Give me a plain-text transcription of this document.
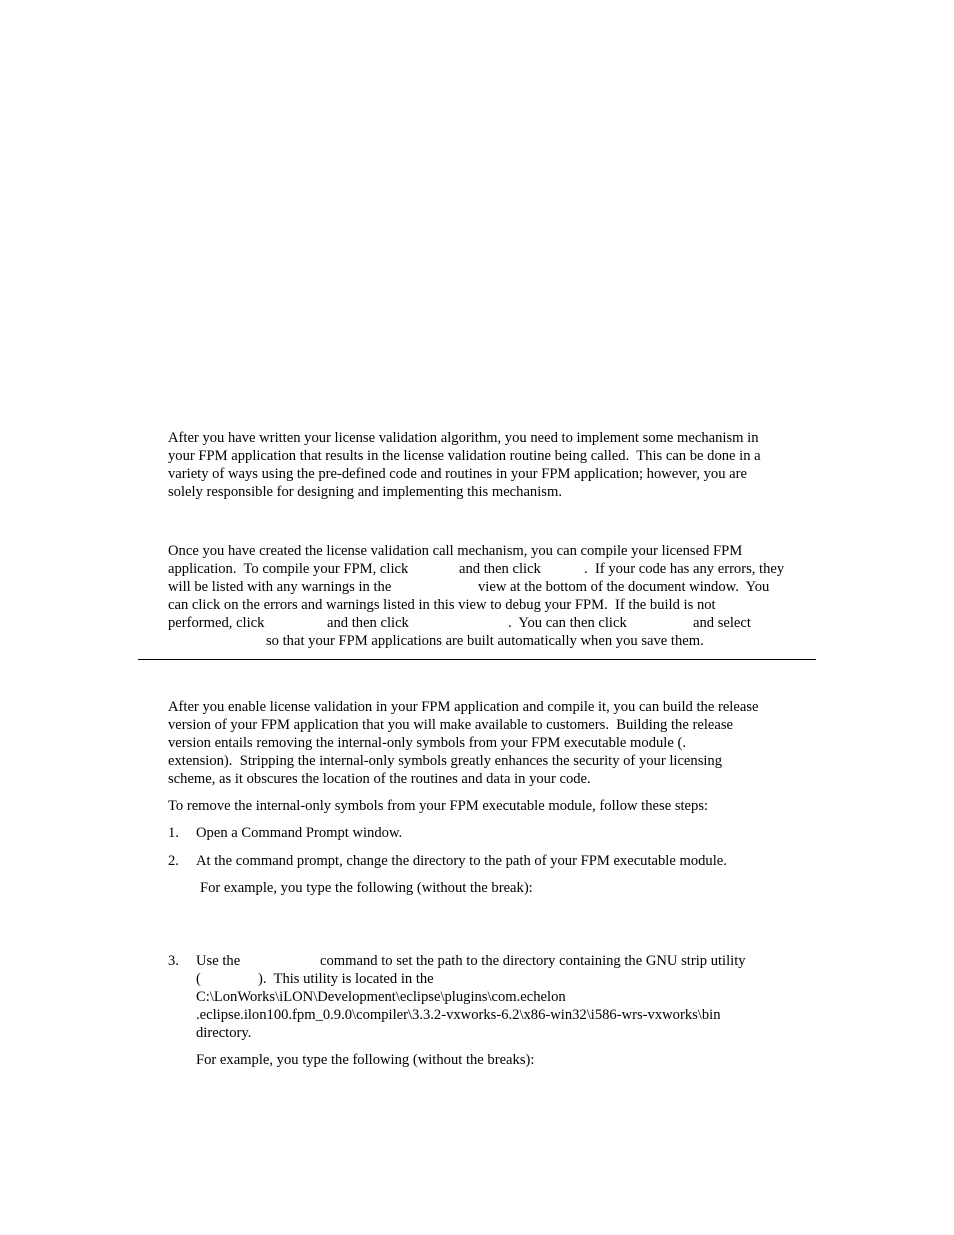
After you have written your license validation algorithm, you need to implement some mechanism in
your FPM application that results in the license validation routine being called.  This can be done in a
variety of ways using the pre-defined code and routines in your FPM application; however, you are
solely responsible for designing and implementing this mechanism.
Once you have created the license validation call mechanism, you can compile your licensed FPM
application.  To compile your FPM, click	and then click	.  If your code has any errors, they
will be listed with any warnings in the	view at the bottom of the document window.  You
can click on the errors and warnings listed in this view to debug your FPM.  If the build is not
performed, click	and then click	.  You can then click	and select
so that your FPM applications are built automatically when you save them.
After you enable license validation in your FPM application and compile it, you can build the release
version of your FPM application that you will make available to customers.  Building the release
version entails removing the internal-only symbols from your FPM executable module (.
extension).  Stripping the internal-only symbols greatly enhances the security of your licensing
scheme, as it obscures the location of the routines and data in your code.
To remove the internal-only symbols from your FPM executable module, follow these steps:
1. Open a Command Prompt window.
2. At the command prompt, change the directory to the path of your FPM executable module.
For example, you type the following (without the break):
3. Use the	command to set the path to the directory containing the GNU strip utility
(	).  This utility is located in the
C:\LonWorks\iLON\Development\eclipse\plugins\com.echelon
.eclipse.ilon100.fpm_0.9.0\compiler\3.3.2-vxworks-6.2\x86-win32\i586-wrs-vxworks\bin
directory.
For example, you type the following (without the breaks):
